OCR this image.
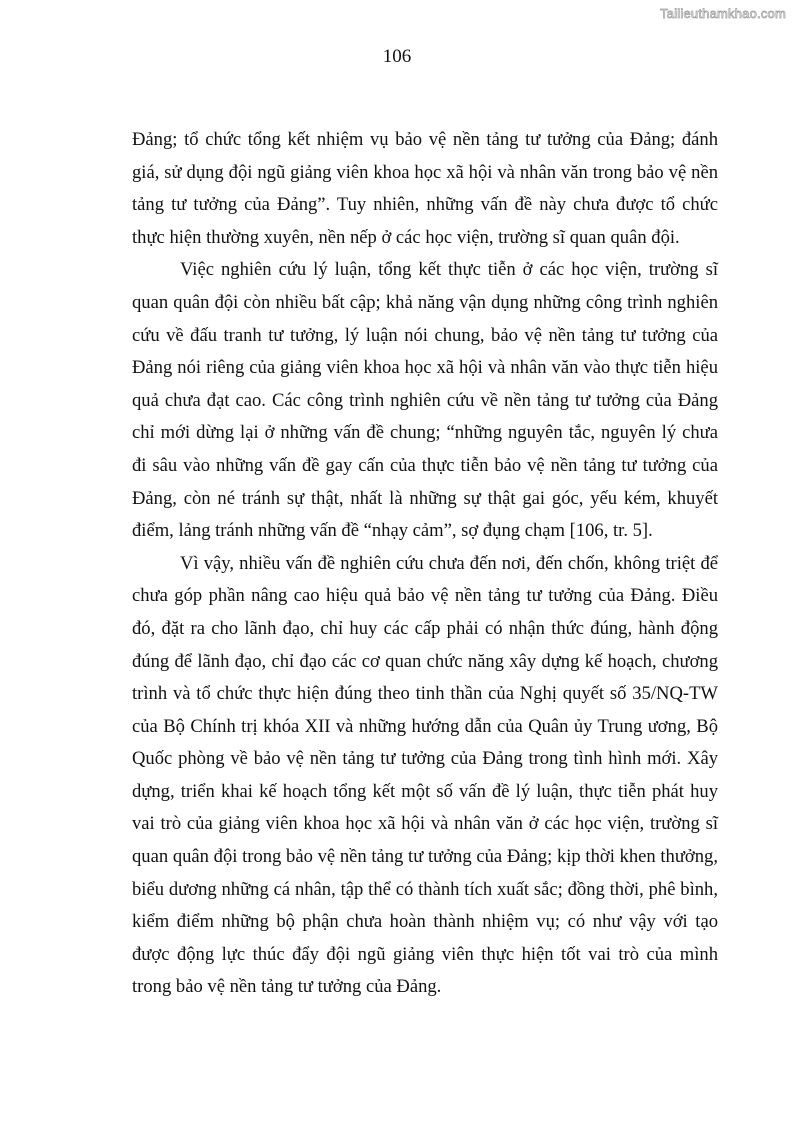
Tailieuthamkhao.com
106

Đảng; tổ chức tổng kết nhiệm vụ bảo vệ nền tảng tư tưởng của Đảng; đánh giá, sử dụng đội ngũ giảng viên khoa học xã hội và nhân văn trong bảo vệ nền tảng tư tưởng của Đảng”. Tuy nhiên, những vấn đề này chưa được tổ chức thực hiện thường xuyên, nền nếp ở các học viện, trường sĩ quan quân đội.

Việc nghiên cứu lý luận, tổng kết thực tiễn ở các học viện, trường sĩ quan quân đội còn nhiều bất cập; khả năng vận dụng những công trình nghiên cứu về đấu tranh tư tưởng, lý luận nói chung, bảo vệ nền tảng tư tưởng của Đảng nói riêng của giảng viên khoa học xã hội và nhân văn vào thực tiễn hiệu quả chưa đạt cao. Các công trình nghiên cứu về nền tảng tư tưởng của Đảng chỉ mới dừng lại ở những vấn đề chung; “những nguyên tắc, nguyên lý chưa đi sâu vào những vấn đề gay cấn của thực tiễn bảo vệ nền tảng tư tưởng của Đảng, còn né tránh sự thật, nhất là những sự thật gai góc, yếu kém, khuyết điểm, lảng tránh những vấn đề “nhạy cảm”, sợ đụng chạm [106, tr. 5].

Vì vậy, nhiều vấn đề nghiên cứu chưa đến nơi, đến chốn, không triệt để chưa góp phần nâng cao hiệu quả bảo vệ nền tảng tư tưởng của Đảng. Điều đó, đặt ra cho lãnh đạo, chỉ huy các cấp phải có nhận thức đúng, hành động đúng để lãnh đạo, chỉ đạo các cơ quan chức năng xây dựng kế hoạch, chương trình và tổ chức thực hiện đúng theo tinh thần của Nghị quyết số 35/NQ-TW của Bộ Chính trị khóa XII và những hướng dẫn của Quân ủy Trung ương, Bộ Quốc phòng về bảo vệ nền tảng tư tưởng của Đảng trong tình hình mới. Xây dựng, triển khai kế hoạch tổng kết một số vấn đề lý luận, thực tiễn phát huy vai trò của giảng viên khoa học xã hội và nhân văn ở các học viện, trường sĩ quan quân đội trong bảo vệ nền tảng tư tưởng của Đảng; kịp thời khen thưởng, biểu dương những cá nhân, tập thể có thành tích xuất sắc; đồng thời, phê bình, kiểm điểm những bộ phận chưa hoàn thành nhiệm vụ; có như vậy với tạo được động lực thúc đẩy đội ngũ giảng viên thực hiện tốt vai trò của mình trong bảo vệ nền tảng tư tưởng của Đảng.
